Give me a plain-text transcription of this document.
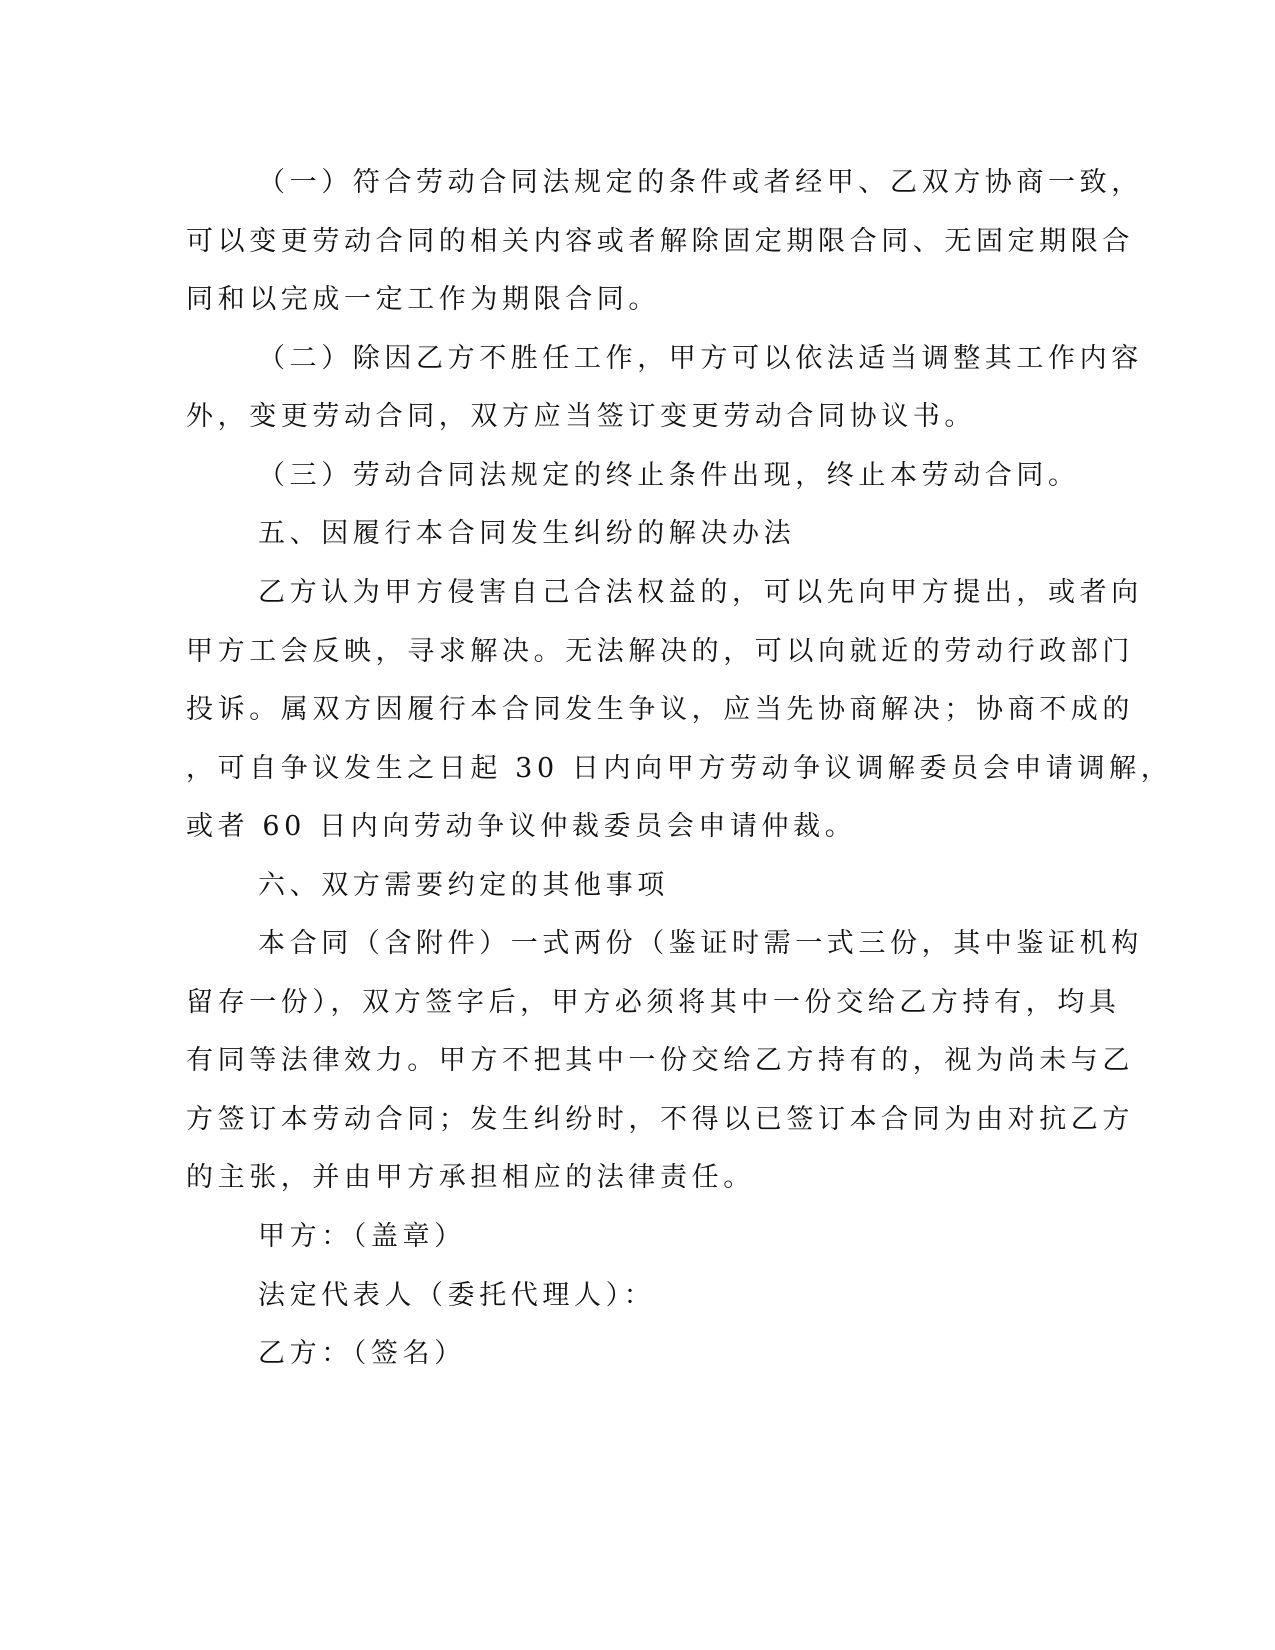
（一）符合劳动合同法规定的条件或者经甲、乙双方协商一致，
可以变更劳动合同的相关内容或者解除固定期限合同、无固定期限合
同和以完成一定工作为期限合同。
（二）除因乙方不胜任工作，甲方可以依法适当调整其工作内容
外，变更劳动合同，双方应当签订变更劳动合同协议书。
（三）劳动合同法规定的终止条件出现，终止本劳动合同。
五、因履行本合同发生纠纷的解决办法
乙方认为甲方侵害自己合法权益的，可以先向甲方提出，或者向
甲方工会反映，寻求解决。无法解决的，可以向就近的劳动行政部门
投诉。属双方因履行本合同发生争议，应当先协商解决；协商不成的
，可自争议发生之日起 30 日内向甲方劳动争议调解委员会申请调解，
或者 60 日内向劳动争议仲裁委员会申请仲裁。
六、双方需要约定的其他事项
本合同（含附件）一式两份（鉴证时需一式三份，其中鉴证机构
留存一份），双方签字后，甲方必须将其中一份交给乙方持有，均具
有同等法律效力。甲方不把其中一份交给乙方持有的，视为尚未与乙
方签订本劳动合同；发生纠纷时，不得以已签订本合同为由对抗乙方
的主张，并由甲方承担相应的法律责任。
甲方：（盖章）
法定代表人（委托代理人）：
乙方：（签名）
